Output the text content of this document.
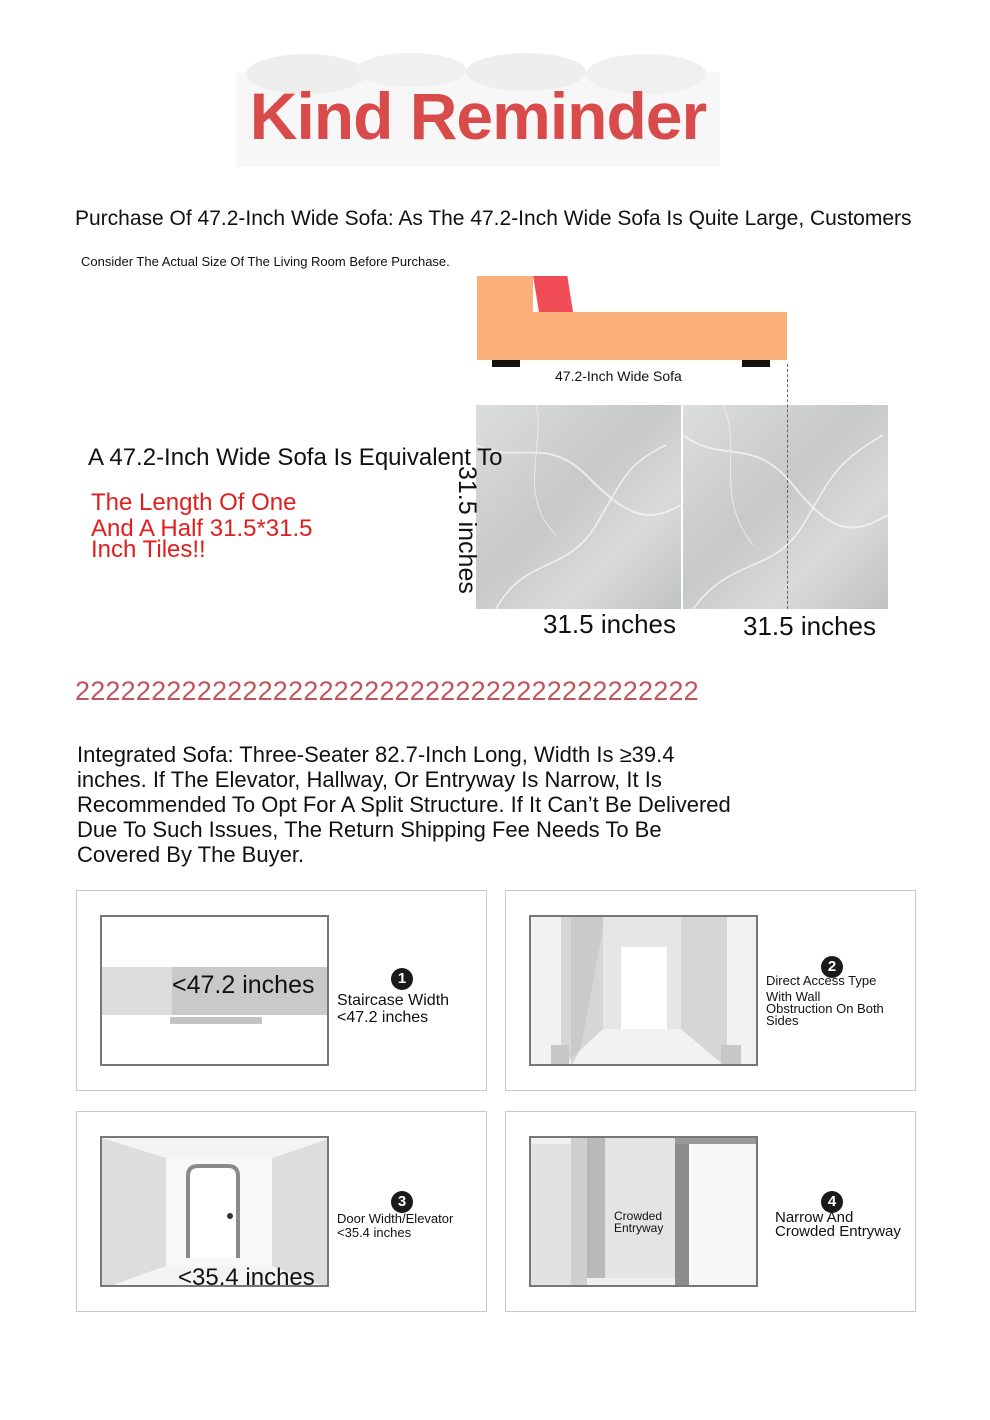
Kind Reminder
Purchase Of 47.2-Inch Wide Sofa: As The 47.2-Inch Wide Sofa Is Quite Large, Customers
Consider The Actual Size Of The Living Room Before Purchase.
47.2-Inch Wide Sofa
31.5 inches
31.5 inches	31.5 inches
A 47.2-Inch Wide Sofa Is Equivalent To
The Length Of One
And A Half 31.5*31.5
Inch Tiles!!
22222222222222222222222222222222222222222
Integrated Sofa: Three-Seater 82.7-Inch Long, Width Is ≥39.4
inches. If The Elevator, Hallway, Or Entryway Is Narrow, It Is
Recommended To Opt For A Split Structure. If It Can’t Be Delivered
Due To Such Issues, The Return Shipping Fee Needs To Be
Covered By The Buyer.
<47.2 inches	1
Staircase Width
<47.2 inches
2
Direct Access Type
With Wall
Obstruction On Both
Sides
<35.4 inches
3
Door Width/Elevator
<35.4 inches
Crowded
Entryway
4
Narrow And
Crowded Entryway
